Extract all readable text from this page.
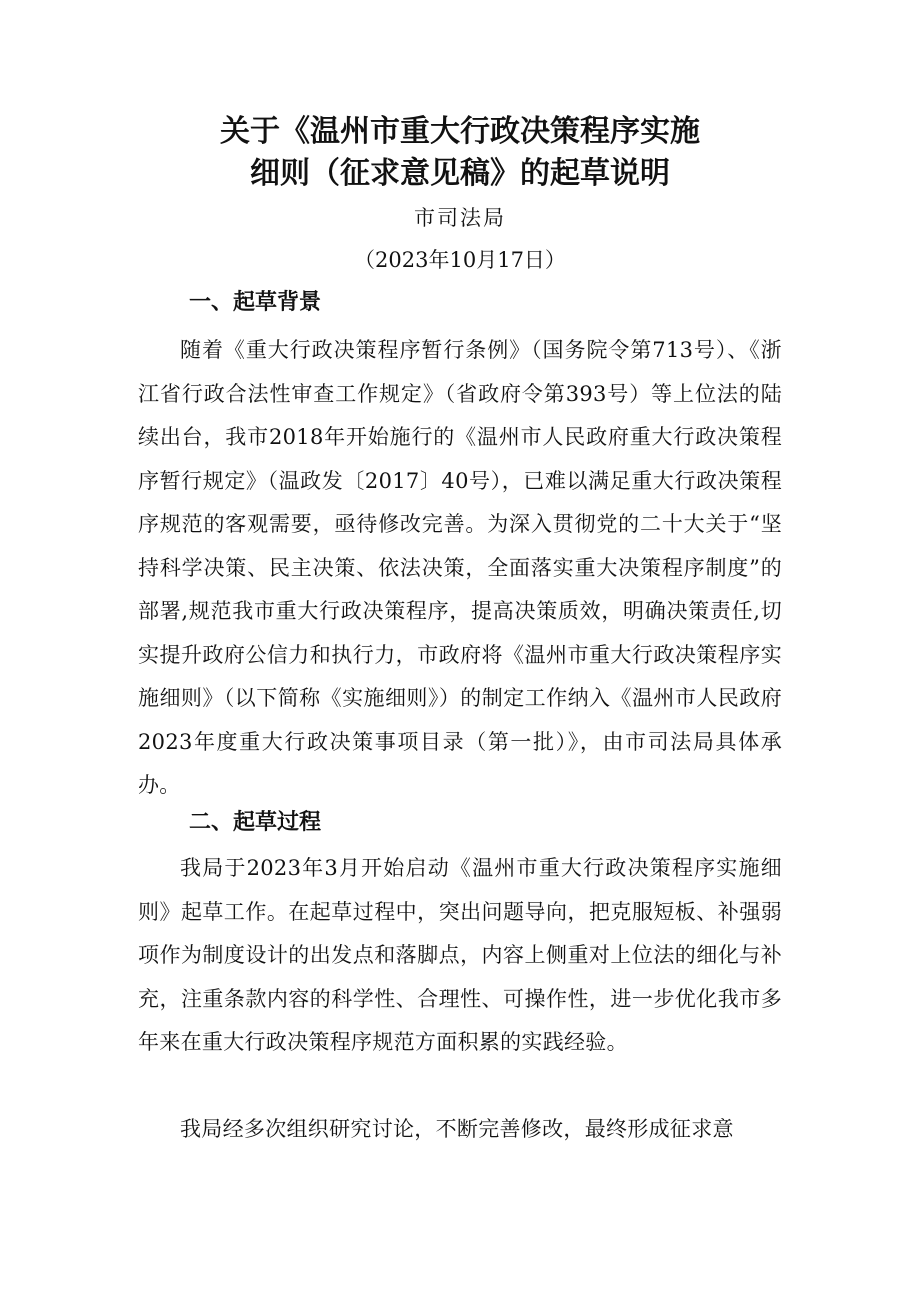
关于《温州市重大行政决策程序实施
细则（征求意见稿》的起草说明

市司法局

（2023年10月17日）

一、起草背景

随着《重大行政决策程序暂行条例》（国务院令第713号）、《浙江省行政合法性审查工作规定》（省政府令第393号）等上位法的陆续出台，我市2018年开始施行的《温州市人民政府重大行政决策程序暂行规定》（温政发〔2017〕40号），已难以满足重大行政决策程序规范的客观需要，亟待修改完善。为深入贯彻党的二十大关于“坚持科学决策、民主决策、依法决策，全面落实重大决策程序制度”的部署,规范我市重大行政决策程序，提高决策质效，明确决策责任,切实提升政府公信力和执行力，市政府将《温州市重大行政决策程序实施细则》（以下简称《实施细则》）的制定工作纳入《温州市人民政府2023年度重大行政决策事项目录（第一批）》，由市司法局具体承办。

二、起草过程

我局于2023年3月开始启动《温州市重大行政决策程序实施细则》起草工作。在起草过程中，突出问题导向，把克服短板、补强弱项作为制度设计的出发点和落脚点，内容上侧重对上位法的细化与补充，注重条款内容的科学性、合理性、可操作性，进一步优化我市多年来在重大行政决策程序规范方面积累的实践经验。

我局经多次组织研究讨论，不断完善修改，最终形成征求意
